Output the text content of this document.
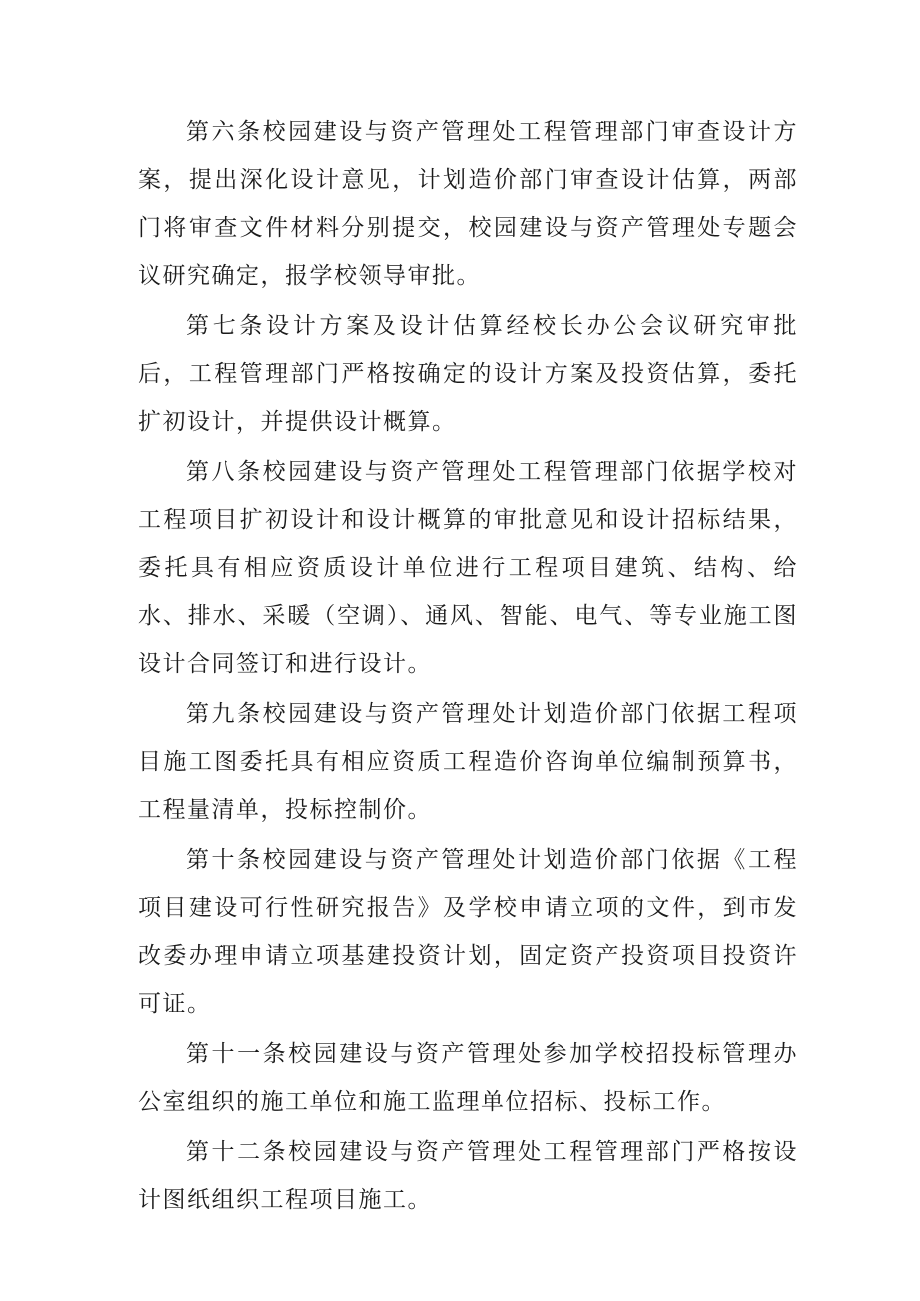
第六条校园建设与资产管理处工程管理部门审查设计方案，提出深化设计意见，计划造价部门审查设计估算，两部门将审查文件材料分别提交，校园建设与资产管理处专题会议研究确定，报学校领导审批。

第七条设计方案及设计估算经校长办公会议研究审批后，工程管理部门严格按确定的设计方案及投资估算，委托扩初设计，并提供设计概算。

第八条校园建设与资产管理处工程管理部门依据学校对工程项目扩初设计和设计概算的审批意见和设计招标结果，委托具有相应资质设计单位进行工程项目建筑、结构、给水、排水、采暖（空调）、通风、智能、电气、等专业施工图设计合同签订和进行设计。

第九条校园建设与资产管理处计划造价部门依据工程项目施工图委托具有相应资质工程造价咨询单位编制预算书，工程量清单，投标控制价。

第十条校园建设与资产管理处计划造价部门依据《工程项目建设可行性研究报告》及学校申请立项的文件，到市发改委办理申请立项基建投资计划，固定资产投资项目投资许可证。

第十一条校园建设与资产管理处参加学校招投标管理办公室组织的施工单位和施工监理单位招标、投标工作。

第十二条校园建设与资产管理处工程管理部门严格按设计图纸组织工程项目施工。
